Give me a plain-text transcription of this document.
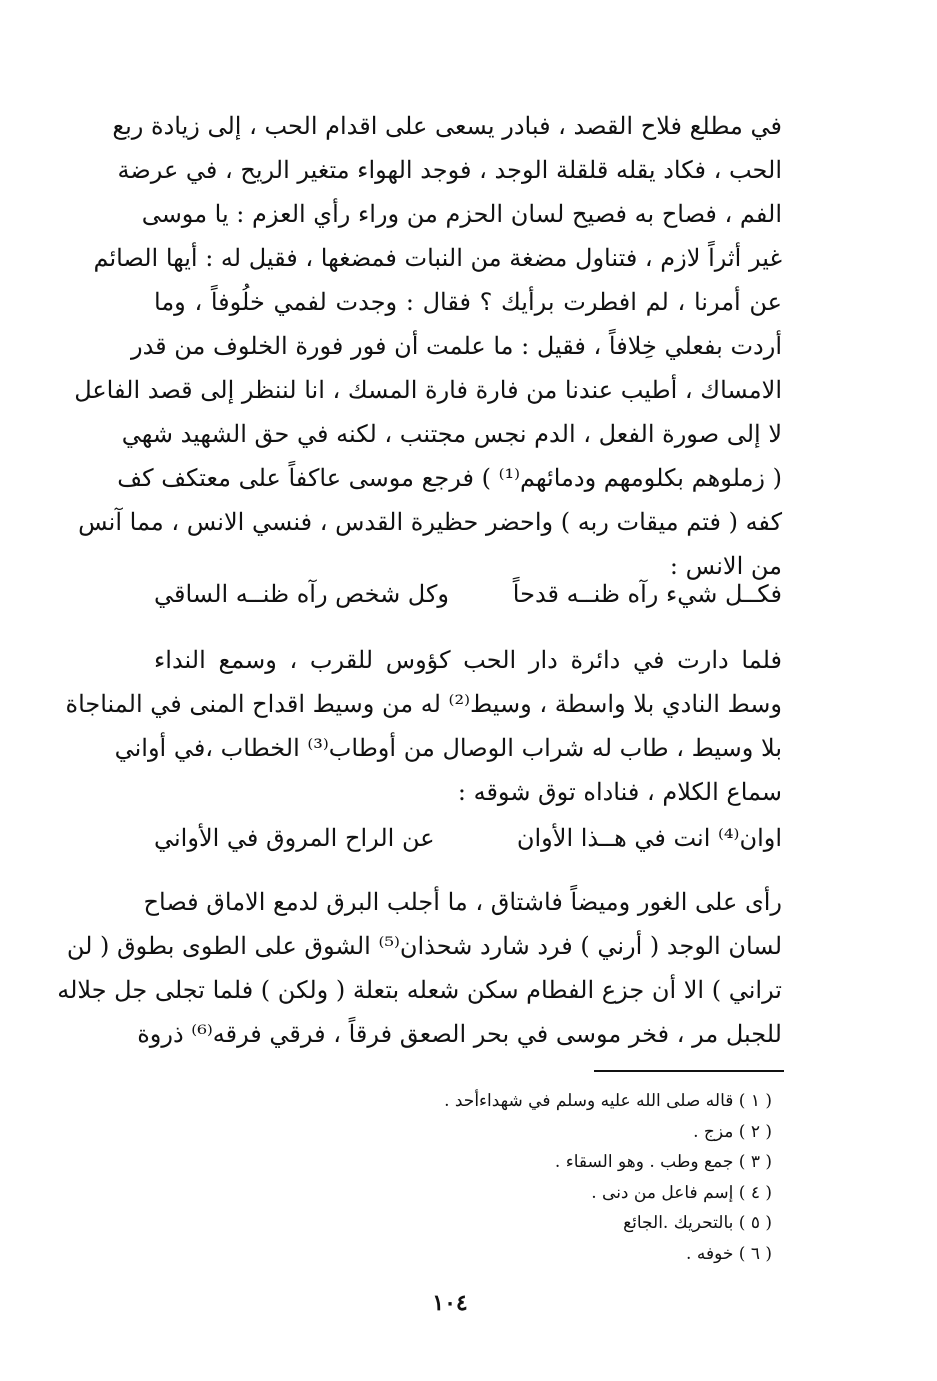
في مطلع فلاح القصد ، فبادر يسعى على اقدام الحب ، إلى زيادة ربع
الحب ، فكاد يقله قلقلة الوجد ، فوجد الهواء متغير الريح ، في عرضة
الفم ، فصاح به فصيح لسان الحزم من وراء رأي العزم : يا موسى
غير أثراً لازم ، فتناول مضغة من النبات فمضغها ، فقيل له : أيها الصائم
عن أمرنا ، لم افطرت برأيك ؟ فقال : وجدت لفمي خلُوفاً ، وما
أردت بفعلي خِلافاً ، فقيل : ما علمت أن فور فورة الخلوف من قدر
الامساك ، أطيب عندنا من فارة فارة المسك ، انا لننظر إلى قصد الفاعل
لا إلى صورة الفعل ، الدم نجس مجتنب ، لكنه في حق الشهيد شهي
( زملوهم بكلومهم ودمائهم⁽¹⁾ ) فرجع موسى عاكفاً على معتكف كف
كفه ( فتم ميقات ربه ) واحضر حظيرة القدس ، فنسي الانس ، مما آنس
من الانس :
فكــل شيء رآه ظنــه قدحاً
وكل شخص رآه ظنــه الساقي
فلما دارت في دائرة دار الحب كؤوس للقرب ، وسمع النداء
وسط النادي بلا واسطة ، وسيط⁽²⁾ له من وسيط اقداح المنى في المناجاة
بلا وسيط ، طاب له شراب الوصال من أوطاب⁽³⁾ الخطاب ،في أواني
سماع الكلام ، فناداه توق شوقه :
اوان⁽⁴⁾ انت في هــذا الأوان
عن الراح المروق في الأواني
رأى على الغور وميضاً فاشتاق ، ما أجلب البرق لدمع الاماق فصاح
لسان الوجد ( أرني ) فرد شارد شحذان⁽⁵⁾ الشوق على الطوى بطوق ( لن
تراني ) الا أن جزع الفطام سكن شعله بتعلة ( ولكن ) فلما تجلى جل جلاله
للجبل مر ، فخر موسى في بحر الصعق فرقاً ، فرقي فرقه⁽⁶⁾ ذروة
( ١ ) قاله صلى الله عليه وسلم في شهداءأحد .
( ٢ ) مزج .
( ٣ ) جمع وطب . وهو السقاء .
( ٤ ) إسم فاعل من دنى .
( ٥ ) بالتحريك .الجائع
( ٦ ) خوفه .
١٠٤
